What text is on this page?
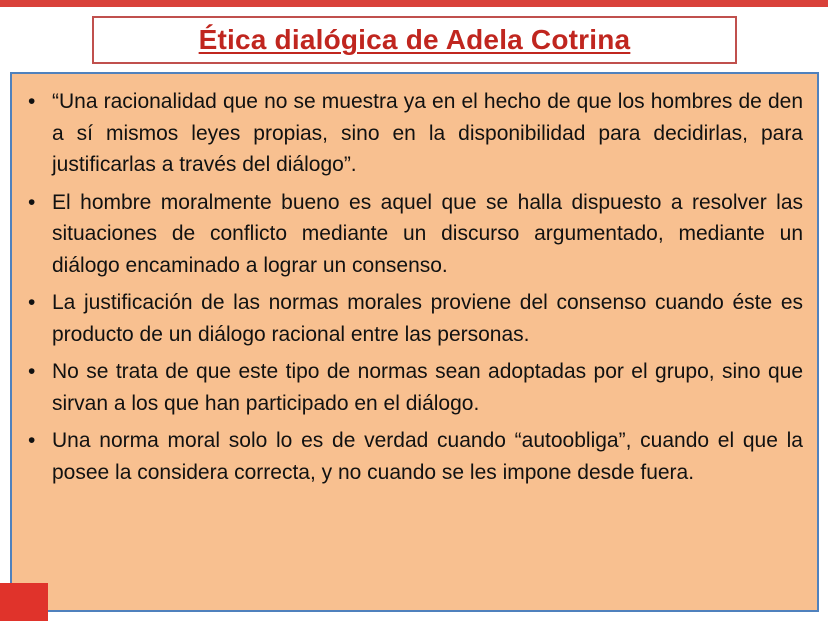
Ética dialógica de Adela Cotrina
• “Una racionalidad que no se muestra ya en el hecho de que los hombres de den a sí mismos leyes propias, sino en la disponibilidad para decidirlas, para justificarlas a través del diálogo”.
• El hombre moralmente bueno es aquel que se halla dispuesto a resolver las situaciones de conflicto mediante un discurso argumentado, mediante un diálogo encaminado a lograr un consenso.
• La justificación de las normas morales proviene del consenso cuando éste es producto de un diálogo racional entre las personas.
• No se trata de que este tipo de normas sean adoptadas por el grupo, sino que sirvan a los que han participado en el diálogo.
• Una norma moral solo lo es de verdad cuando “autoobliga”, cuando el que la posee la considera correcta, y no cuando se les impone desde fuera.
